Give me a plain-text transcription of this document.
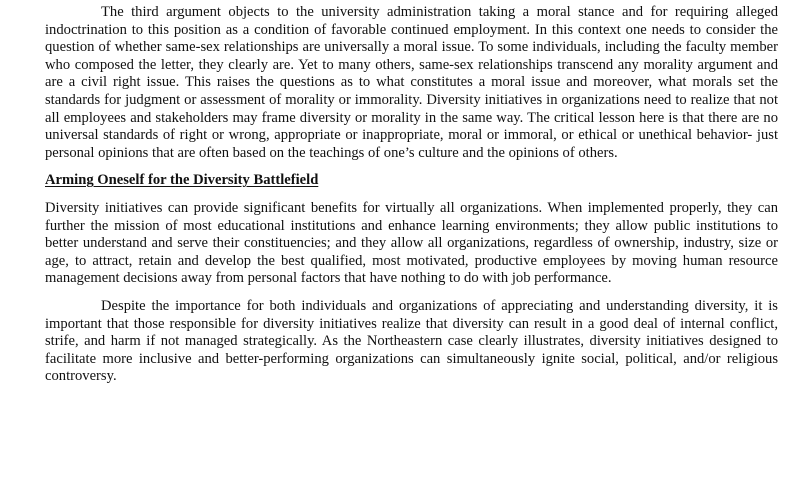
The third argument objects to the university administration taking a moral stance and for requiring alleged indoctrination to this position as a condition of favorable continued employment. In this context one needs to consider the question of whether same-sex relationships are universally a moral issue. To some individuals, including the faculty member who composed the letter, they clearly are. Yet to many others, same-sex relationships transcend any morality argument and are a civil right issue. This raises the questions as to what constitutes a moral issue and moreover, what morals set the standards for judgment or assessment of morality or immorality. Diversity initiatives in organizations need to realize that not all employees and stakeholders may frame diversity or morality in the same way. The critical lesson here is that there are no universal standards of right or wrong, appropriate or inappropriate, moral or immoral, or ethical or unethical behavior- just personal opinions that are often based on the teachings of one’s culture and the opinions of others.

Arming Oneself for the Diversity Battlefield

Diversity initiatives can provide significant benefits for virtually all organizations. When implemented properly, they can further the mission of most educational institutions and enhance learning environments; they allow public institutions to better understand and serve their constituencies; and they allow all organizations, regardless of ownership, industry, size or age, to attract, retain and develop the best qualified, most motivated, productive employees by moving human resource management decisions away from personal factors that have nothing to do with job performance.

Despite the importance for both individuals and organizations of appreciating and understanding diversity, it is important that those responsible for diversity initiatives realize that diversity can result in a good deal of internal conflict, strife, and harm if not managed strategically. As the Northeastern case clearly illustrates, diversity initiatives designed to facilitate more inclusive and better-performing organizations can simultaneously ignite social, political, and/or religious controversy.
